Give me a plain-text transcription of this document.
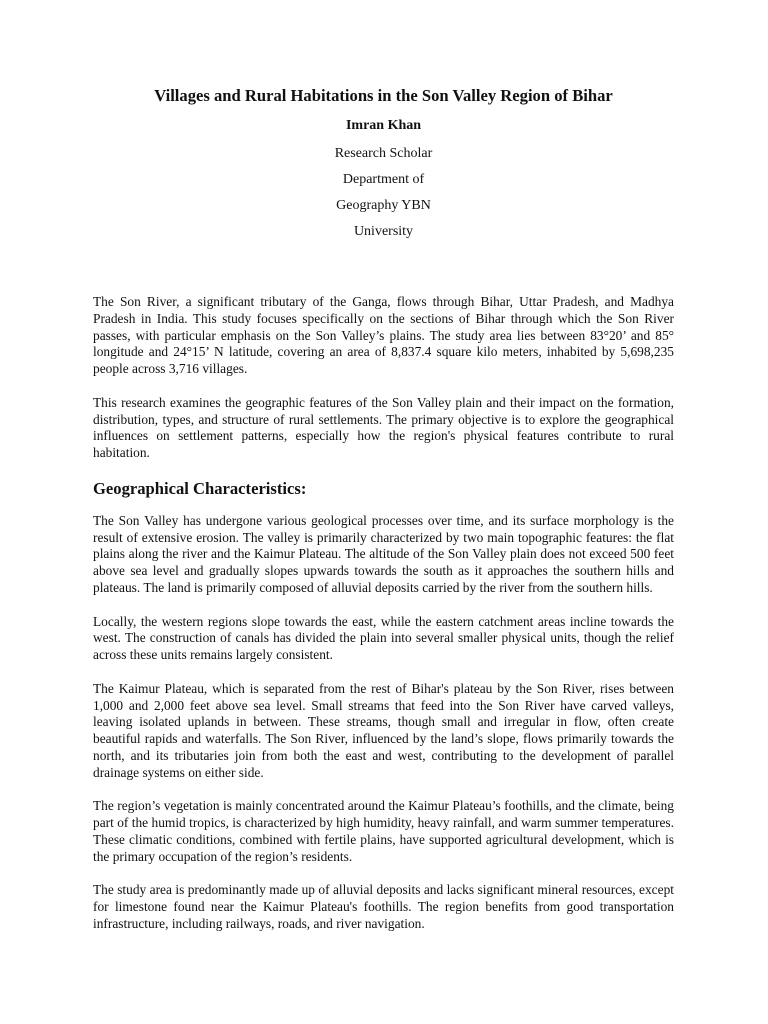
Villages and Rural Habitations in the Son Valley Region of Bihar
Imran Khan
Research Scholar
Department of
Geography YBN
University

The Son River, a significant tributary of the Ganga, flows through Bihar, Uttar Pradesh, and Madhya Pradesh in India. This study focuses specifically on the sections of Bihar through which the Son River passes, with particular emphasis on the Son Valley’s plains. The study area lies between 83°20’ and 85° longitude and 24°15’ N latitude, covering an area of 8,837.4 square kilo meters, inhabited by 5,698,235 people across 3,716 villages.

This research examines the geographic features of the Son Valley plain and their impact on the formation, distribution, types, and structure of rural settlements. The primary objective is to explore the geographical influences on settlement patterns, especially how the region's physical features contribute to rural habitation.

Geographical Characteristics:

The Son Valley has undergone various geological processes over time, and its surface morphology is the result of extensive erosion. The valley is primarily characterized by two main topographic features: the flat plains along the river and the Kaimur Plateau. The altitude of the Son Valley plain does not exceed 500 feet above sea level and gradually slopes upwards towards the south as it approaches the southern hills and plateaus. The land is primarily composed of alluvial deposits carried by the river from the southern hills.

Locally, the western regions slope towards the east, while the eastern catchment areas incline towards the west. The construction of canals has divided the plain into several smaller physical units, though the relief across these units remains largely consistent.

The Kaimur Plateau, which is separated from the rest of Bihar's plateau by the Son River, rises between 1,000 and 2,000 feet above sea level. Small streams that feed into the Son River have carved valleys, leaving isolated uplands in between. These streams, though small and irregular in flow, often create beautiful rapids and waterfalls. The Son River, influenced by the land’s slope, flows primarily towards the north, and its tributaries join from both the east and west, contributing to the development of parallel drainage systems on either side.

The region’s vegetation is mainly concentrated around the Kaimur Plateau’s foothills, and the climate, being part of the humid tropics, is characterized by high humidity, heavy rainfall, and warm summer temperatures. These climatic conditions, combined with fertile plains, have supported agricultural development, which is the primary occupation of the region’s residents.

The study area is predominantly made up of alluvial deposits and lacks significant mineral resources, except for limestone found near the Kaimur Plateau's foothills. The region benefits from good transportation infrastructure, including railways, roads, and river navigation.
